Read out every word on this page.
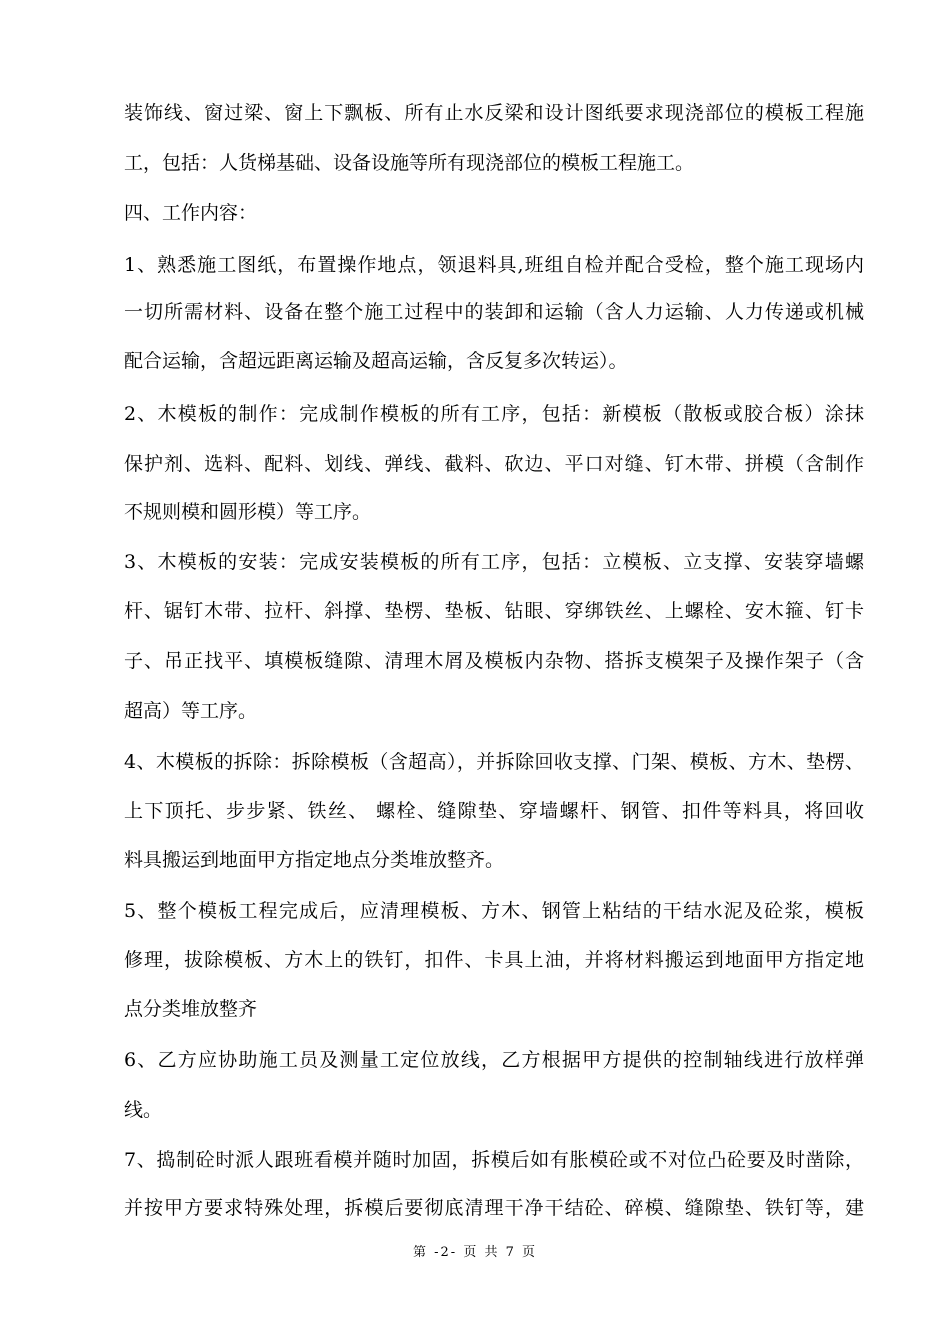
装饰线、窗过梁、窗上下飘板、所有止水反梁和设计图纸要求现浇部位的模板工程施
工，包括：人货梯基础、设备设施等所有现浇部位的模板工程施工。
四、工作内容：
1、熟悉施工图纸，布置操作地点，领退料具,班组自检并配合受检，整个施工现场内
一切所需材料、设备在整个施工过程中的装卸和运输（含人力运输、人力传递或机械
配合运输，含超远距离运输及超高运输，含反复多次转运）。
2、木模板的制作：完成制作模板的所有工序，包括：新模板（散板或胶合板）涂抹
保护剂、选料、配料、划线、弹线、截料、砍边、平口对缝、钉木带、拼模（含制作
不规则模和圆形模）等工序。
3、木模板的安装：完成安装模板的所有工序，包括：立模板、立支撑、安装穿墙螺
杆、锯钉木带、拉杆、斜撑、垫楞、垫板、钻眼、穿绑铁丝、上螺栓、安木箍、钉卡
子、吊正找平、填模板缝隙、清理木屑及模板内杂物、搭拆支模架子及操作架子（含
超高）等工序。
4、木模板的拆除：拆除模板（含超高），并拆除回收支撑、门架、模板、方木、垫楞、
上下顶托、步步紧、铁丝、 螺栓、缝隙垫、穿墙螺杆、钢管、扣件等料具，将回收
料具搬运到地面甲方指定地点分类堆放整齐。
5、整个模板工程完成后，应清理模板、方木、钢管上粘结的干结水泥及砼浆，模板
修理，拔除模板、方木上的铁钉，扣件、卡具上油，并将材料搬运到地面甲方指定地
点分类堆放整齐
6、乙方应协助施工员及测量工定位放线，乙方根据甲方提供的控制轴线进行放样弹
线。
7、捣制砼时派人跟班看模并随时加固，拆模后如有胀模砼或不对位凸砼要及时凿除，
并按甲方要求特殊处理，拆模后要彻底清理干净干结砼、碎模、缝隙垫、铁钉等，建
第 -2- 页 共 7 页
